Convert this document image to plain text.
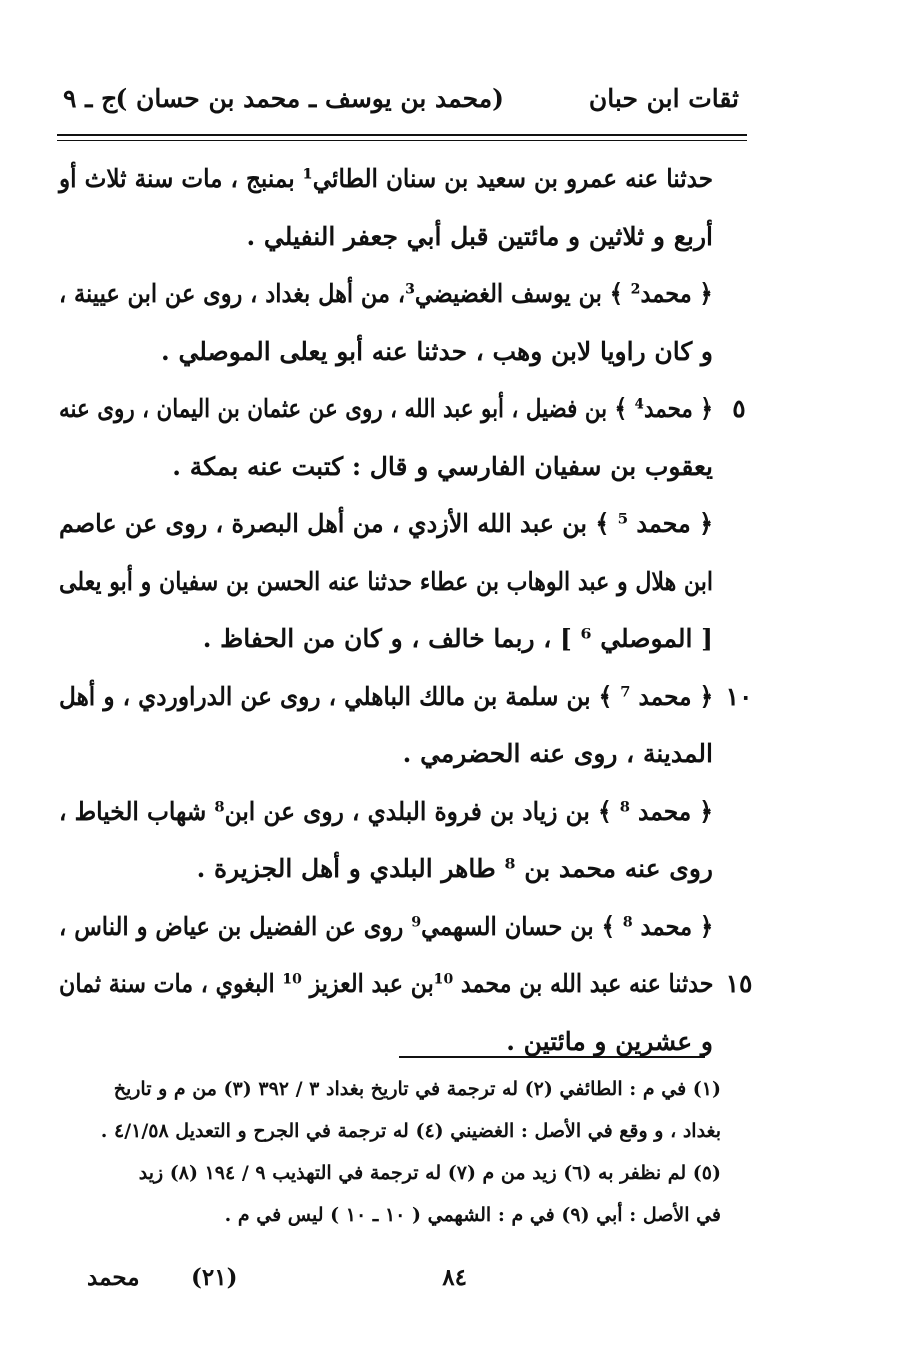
ثقات ابن حبان
(محمد بن يوسف ـ محمد بن حسان )
ج ـ ٩
حدثنا عنه عمرو بن سعيد بن سنان الطائي¹ بمنبج ، مات سنة ثلاث أو
أربع و ثلاثين و مائتين قبل أبي جعفر النفيلي .
﴿ محمد² ﴾ بن يوسف الغضيضي³، من أهل بغداد ، روى عن ابن عيينة ،
و كان راويا لابن وهب ، حدثنا عنه أبو يعلى الموصلي .
٥
﴿ محمد⁴ ﴾ بن فضيل ، أبو عبد الله ، روى عن عثمان بن اليمان ، روى عنه
يعقوب بن سفيان الفارسي و قال : كتبت عنه بمكة .
﴿ محمد ⁵ ﴾ بن عبد الله الأزدي ، من أهل البصرة ، روى عن عاصم
ابن هلال و عبد الوهاب بن عطاء حدثنا عنه الحسن بن سفيان و أبو يعلى
[ الموصلي ⁶ ] ، ربما خالف ، و كان من الحفاظ .
١٠
﴿ محمد ⁷ ﴾ بن سلمة بن مالك الباهلي ، روى عن الدراوردي ، و أهل
المدينة ، روى عنه الحضرمي .
﴿ محمد ⁸ ﴾ بن زياد بن فروة البلدي ، روى عن ابن⁸ شهاب الخياط ،
روى عنه محمد بن ⁸ طاهر البلدي و أهل الجزيرة .
﴿ محمد ⁸ ﴾ بن حسان السهمي⁹ روى عن الفضيل بن عياض و الناس ،
١٥
حدثنا عنه عبد الله بن محمد ¹⁰بن عبد العزيز ¹⁰ البغوي ، مات سنة ثمان
و عشرين و مائتين .
(١) في م : الطائفي (٢) له ترجمة في تاريخ بغداد ٣ / ٣٩٢ (٣) من م و تاريخ
بغداد ، و وقع في الأصل : الغضيني (٤) له ترجمة في الجرح و التعديل ٤/١/٥٨ .
(٥) لم نظفر به (٦) زيد من م (٧) له ترجمة في التهذيب ٩ / ١٩٤ (٨) زيد
في الأصل : أبي (٩) في م : الشهمي ( ١٠ ـ ١٠ ) ليس في م .
٨٤
(٢١)
محمد
